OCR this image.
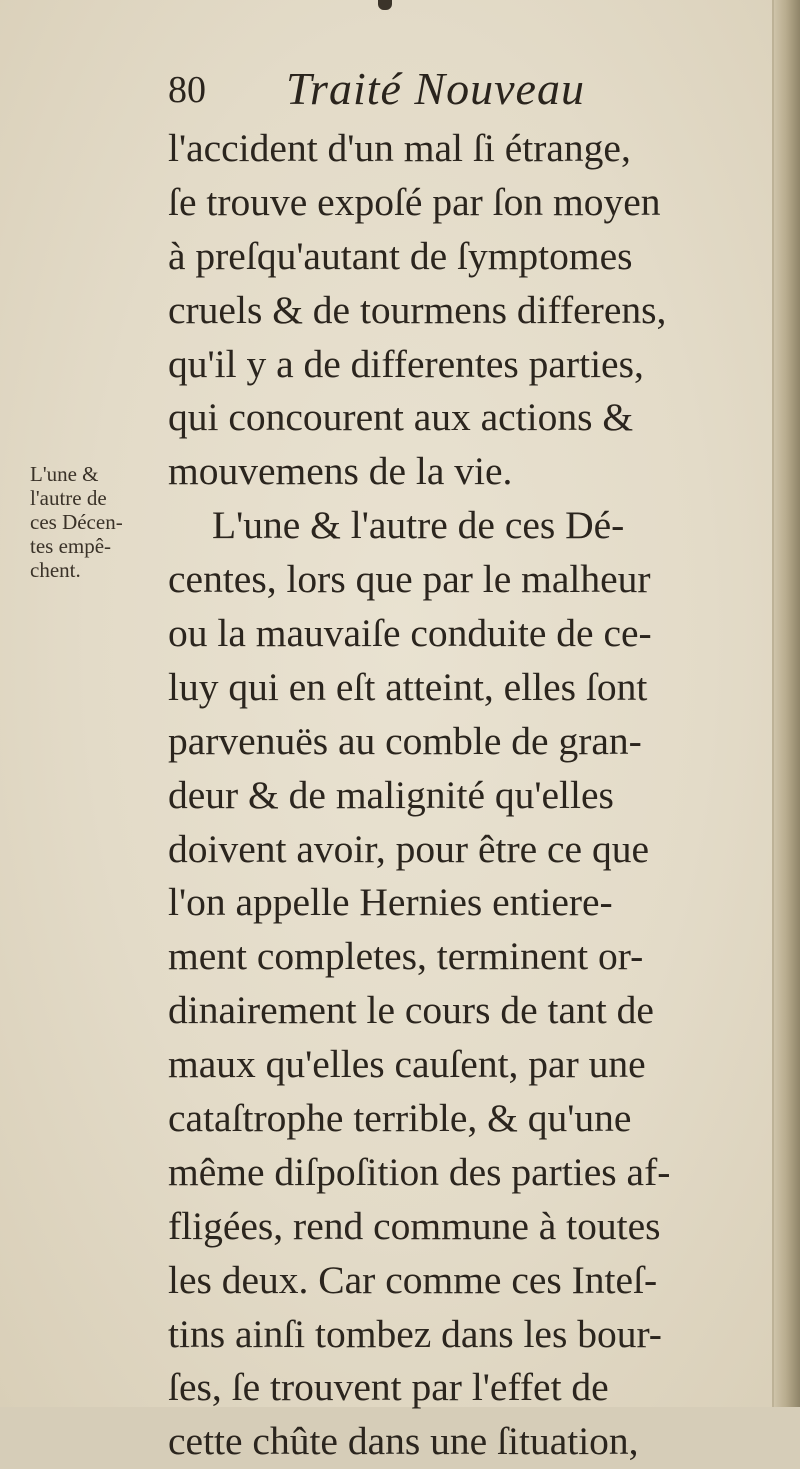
80 Traité Nouveau
L'une &
l'autre de
ces Décen-
tes empê-
chent.
l'accident d'un mal ſi étrange,
ſe trouve expoſé par ſon moyen
à preſqu'autant de ſymptomes
cruels & de tourmens differens,
qu'il y a de differentes parties,
qui concourent aux actions &
mouvemens de la vie.
L'une & l'autre de ces Dé-
centes, lors que par le malheur
ou la mauvaiſe conduite de ce-
luy qui en eſt atteint, elles ſont
parvenuës au comble de gran-
deur & de malignité qu'elles
doivent avoir, pour être ce que
l'on appelle Hernies entiere-
ment completes, terminent or-
dinairement le cours de tant de
maux qu'elles cauſent, par une
cataſtrophe terrible, & qu'une
même diſpoſition des parties af-
fligées, rend commune à toutes
les deux. Car comme ces Inteſ-
tins ainſi tombez dans les bour-
ſes, ſe trouvent par l'effet de
cette chûte dans une ſituation,
